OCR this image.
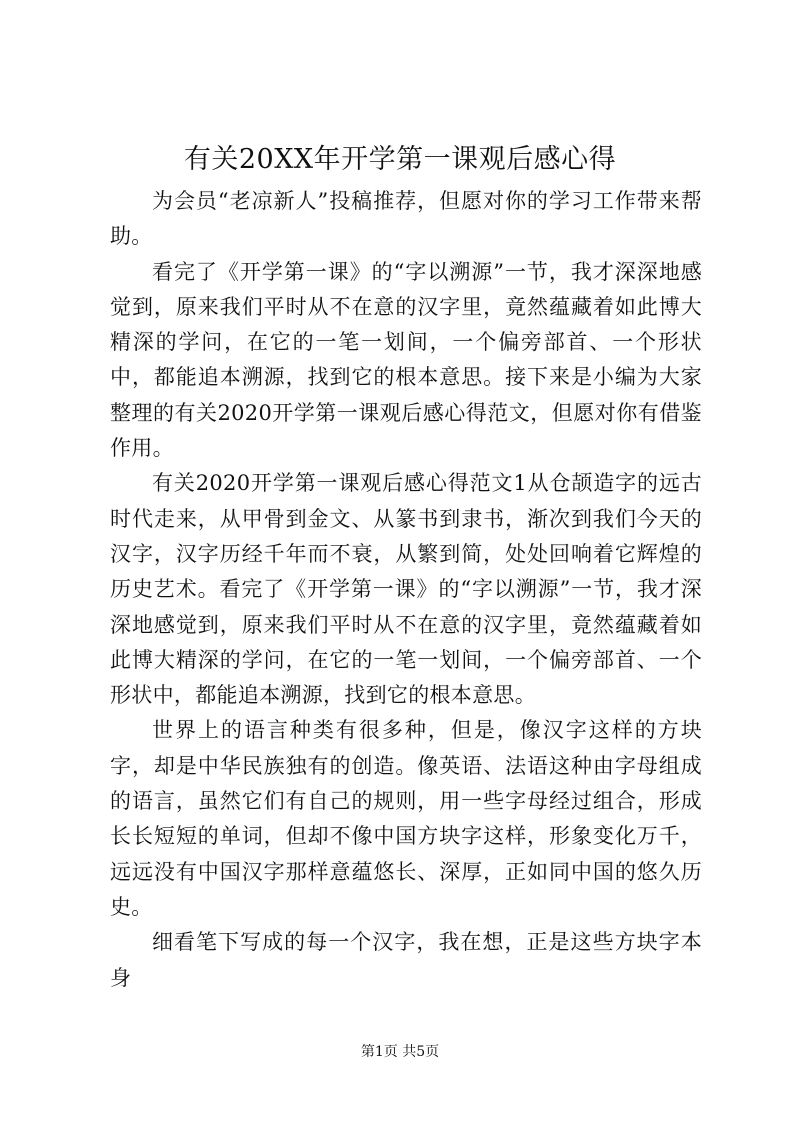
有关20XX年开学第一课观后感心得

为会员“老凉新人”投稿推荐，但愿对你的学习工作带来帮助。

看完了《开学第一课》的“字以溯源”一节，我才深深地感觉到，原来我们平时从不在意的汉字里，竟然蕴藏着如此博大精深的学问，在它的一笔一划间，一个偏旁部首、一个形状中，都能追本溯源，找到它的根本意思。接下来是小编为大家整理的有关2020开学第一课观后感心得范文，但愿对你有借鉴作用。

有关2020开学第一课观后感心得范文1从仓颉造字的远古时代走来，从甲骨到金文、从篆书到隶书，渐次到我们今天的汉字，汉字历经千年而不衰，从繁到简，处处回响着它辉煌的历史艺术。看完了《开学第一课》的“字以溯源”一节，我才深深地感觉到，原来我们平时从不在意的汉字里，竟然蕴藏着如此博大精深的学问，在它的一笔一划间，一个偏旁部首、一个形状中，都能追本溯源，找到它的根本意思。

世界上的语言种类有很多种，但是，像汉字这样的方块字，却是中华民族独有的创造。像英语、法语这种由字母组成的语言，虽然它们有自己的规则，用一些字母经过组合，形成长长短短的单词，但却不像中国方块字这样，形象变化万千，远远没有中国汉字那样意蕴悠长、深厚，正如同中国的悠久历史。

细看笔下写成的每一个汉字，我在想，正是这些方块字本身

第1页 共5页
